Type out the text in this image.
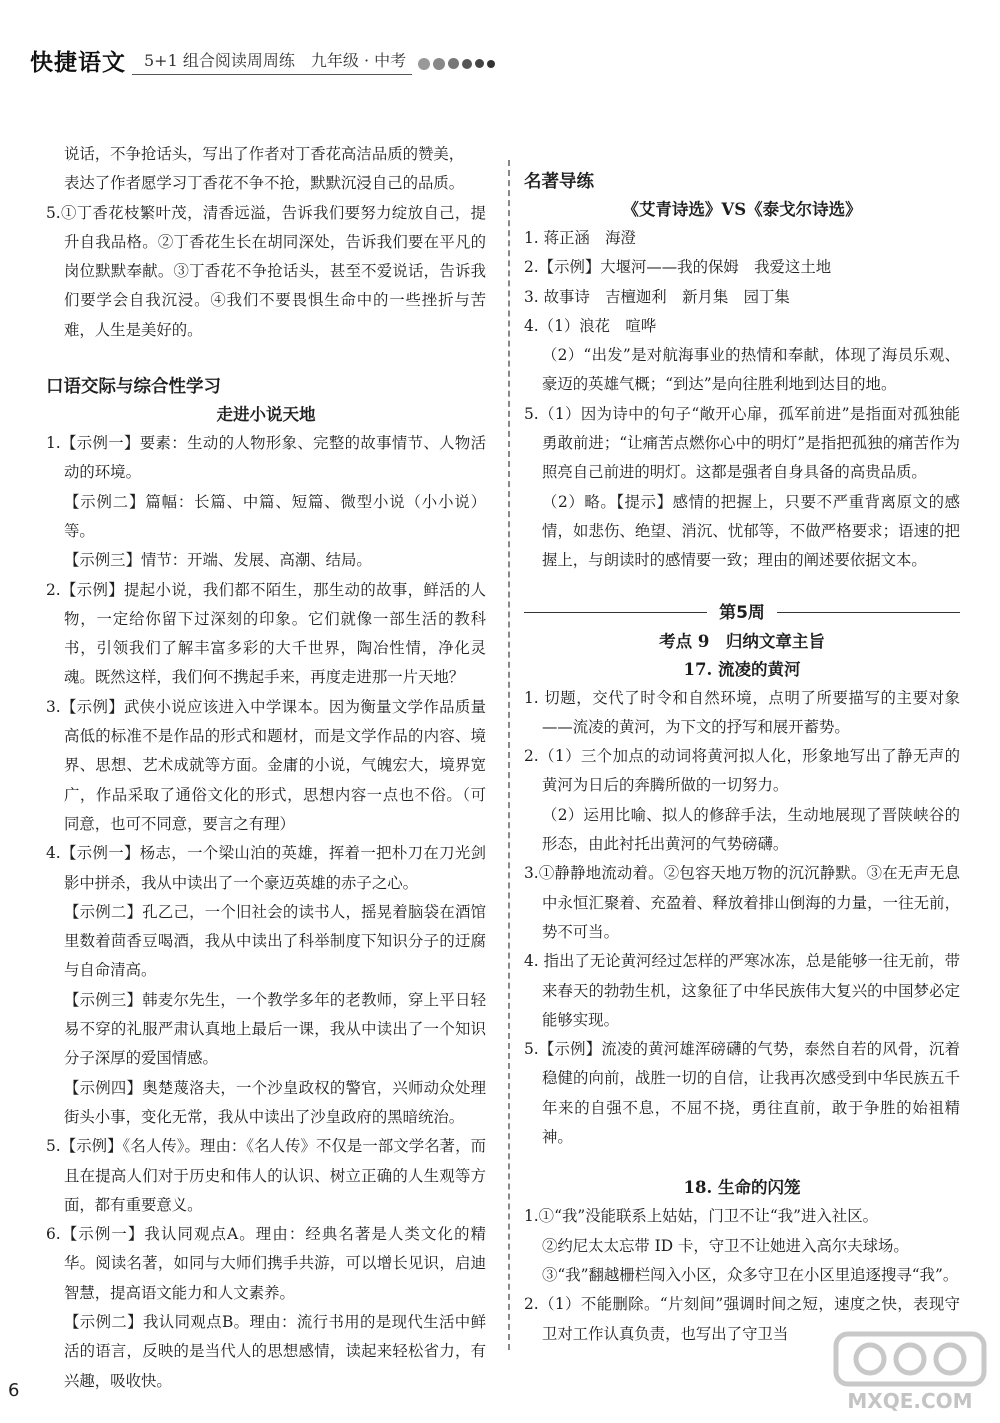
快捷语文	5+1 组合阅读周周练　九年级 · 中考

说话，不争抢话头，写出了作者对丁香花高洁品质的赞美，

表达了作者愿学习丁香花不争不抢，默默沉浸自己的品质。

5.①丁香花枝繁叶茂，清香远溢，告诉我们要努力绽放自己，提升自我品格。②丁香花生长在胡同深处，告诉我们要在平凡的岗位默默奉献。③丁香花不争抢话头，甚至不爱说话，告诉我们要学会自我沉浸。④我们不要畏惧生命中的一些挫折与苦难，人生是美好的。

口语交际与综合性学习

走进小说天地

1.【示例一】要素：生动的人物形象、完整的故事情节、人物活动的环境。

【示例二】篇幅：长篇、中篇、短篇、微型小说（小小说）等。

【示例三】情节：开端、发展、高潮、结局。

2.【示例】提起小说，我们都不陌生，那生动的故事，鲜活的人物，一定给你留下过深刻的印象。它们就像一部生活的教科书，引领我们了解丰富多彩的大千世界，陶冶性情，净化灵魂。既然这样，我们何不携起手来，再度走进那一片天地？

3.【示例】武侠小说应该进入中学课本。因为衡量文学作品质量高低的标准不是作品的形式和题材，而是文学作品的内容、境界、思想、艺术成就等方面。金庸的小说，气魄宏大，境界宽广，作品采取了通俗文化的形式，思想内容一点也不俗。（可同意，也可不同意，要言之有理）

4.【示例一】杨志，一个梁山泊的英雄，挥着一把朴刀在刀光剑影中拼杀，我从中读出了一个豪迈英雄的赤子之心。

【示例二】孔乙己，一个旧社会的读书人，摇晃着脑袋在酒馆里数着茴香豆喝酒，我从中读出了科举制度下知识分子的迂腐与自命清高。

【示例三】韩麦尔先生，一个教学多年的老教师，穿上平日轻易不穿的礼服严肃认真地上最后一课，我从中读出了一个知识分子深厚的爱国情感。

【示例四】奥楚蔑洛夫，一个沙皇政权的警官，兴师动众处理街头小事，变化无常，我从中读出了沙皇政府的黑暗统治。

5.【示例】《名人传》。理由：《名人传》不仅是一部文学名著，而且在提高人们对于历史和伟人的认识、树立正确的人生观等方面，都有重要意义。

6.【示例一】我认同观点A。理由：经典名著是人类文化的精华。阅读名著，如同与大师们携手共游，可以增长见识，启迪智慧，提高语文能力和人文素养。

【示例二】我认同观点B。理由：流行书用的是现代生活中鲜活的语言，反映的是当代人的思想感情，读起来轻松省力，有兴趣，吸收快。

名著导练

《艾青诗选》VS《泰戈尔诗选》

1. 蒋正涵　海澄

2.【示例】大堰河——我的保姆　我爱这土地

3. 故事诗　吉檀迦利　新月集　园丁集

4.（1）浪花　喧哗

（2）“出发”是对航海事业的热情和奉献，体现了海员乐观、豪迈的英雄气概；“到达”是向往胜利地到达目的地。

5.（1）因为诗中的句子“敞开心扉，孤军前进”是指面对孤独能勇敢前进；“让痛苦点燃你心中的明灯”是指把孤独的痛苦作为照亮自己前进的明灯。这都是强者自身具备的高贵品质。

（2）略。【提示】感情的把握上，只要不严重背离原文的感情，如悲伤、绝望、消沉、忧郁等，不做严格要求；语速的把握上，与朗读时的感情要一致；理由的阐述要依据文本。

第5周

考点 9　归纳文章主旨

17. 流凌的黄河

1. 切题，交代了时令和自然环境，点明了所要描写的主要对象——流凌的黄河，为下文的抒写和展开蓄势。

2.（1）三个加点的动词将黄河拟人化，形象地写出了静无声的黄河为日后的奔腾所做的一切努力。

（2）运用比喻、拟人的修辞手法，生动地展现了晋陕峡谷的形态，由此衬托出黄河的气势磅礴。

3.①静静地流动着。②包容天地万物的沉沉静默。③在无声无息中永恒汇聚着、充盈着、释放着排山倒海的力量，一往无前，势不可当。

4. 指出了无论黄河经过怎样的严寒冰冻，总是能够一往无前，带来春天的勃勃生机，这象征了中华民族伟大复兴的中国梦必定能够实现。

5.【示例】流凌的黄河雄浑磅礴的气势，泰然自若的风骨，沉着稳健的向前，战胜一切的自信，让我再次感受到中华民族五千年来的自强不息，不屈不挠，勇往直前，敢于争胜的始祖精神。

18. 生命的闪笼

1.①“我”没能联系上姑姑，门卫不让“我”进入社区。

②约尼太太忘带 ID 卡，守卫不让她进入高尔夫球场。

③“我”翻越栅栏闯入小区，众多守卫在小区里追逐搜寻“我”。

2.（1）不能删除。“片刻间”强调时间之短，速度之快，表现守卫对工作认真负责，也写出了守卫当

6	MXQE.COM
